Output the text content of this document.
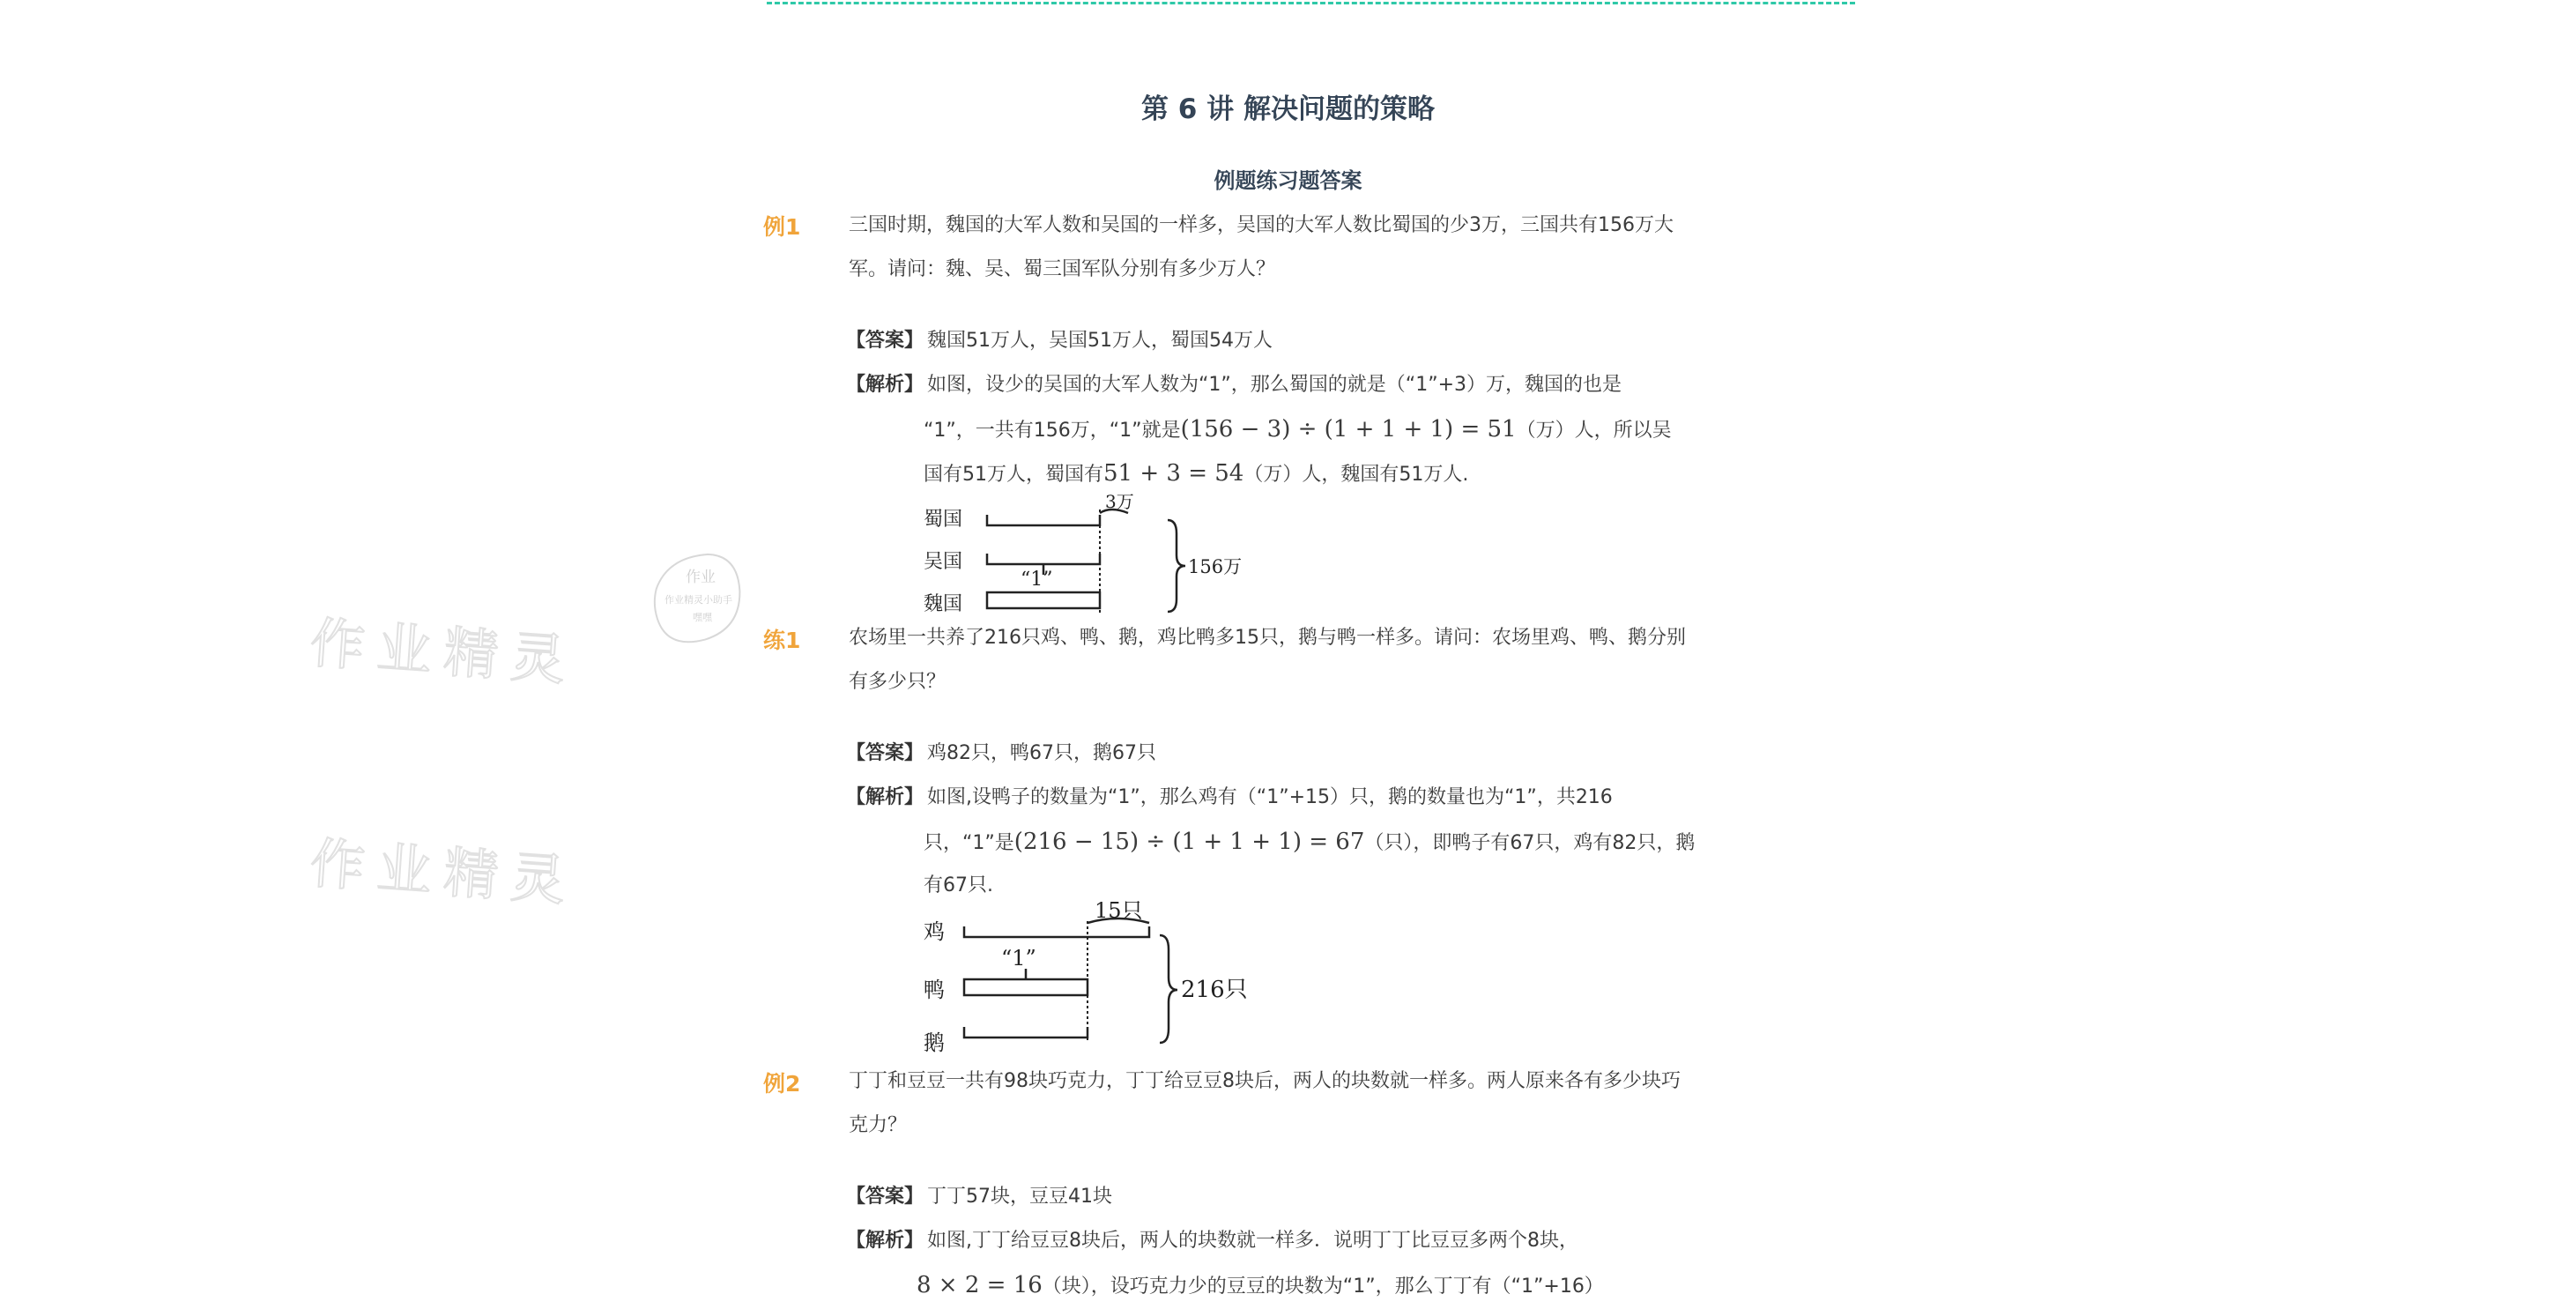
第 6 讲 解决问题的策略
例题练习题答案
作业精灵
作业精灵
作业
作业精灵小助手
嘿嘿
例1 三国时期，魏国的大军人数和吴国的一样多，吴国的大军人数比蜀国的少3万，三国共有156万大
军。请问：魏、吴、蜀三国军队分别有多少万人？
【答案】 魏国51万人，吴国51万人，蜀国54万人
【解析】 如图，设少的吴国的大军人数为“1”，那么蜀国的就是（“1”+3）万，魏国的也是
“1”，一共有156万，“1”就是(156 − 3) ÷ (1 + 1 + 1) = 51（万）人，所以吴
国有51万人，蜀国有51 + 3 = 54（万）人，魏国有51万人.
蜀国
吴国
魏国
3万
“1”
156万
练1 农场里一共养了216只鸡、鸭、鹅，鸡比鸭多15只，鹅与鸭一样多。请问：农场里鸡、鸭、鹅分别
有多少只？
【答案】 鸡82只，鸭67只，鹅67只
【解析】 如图,设鸭子的数量为“1”，那么鸡有（“1”+15）只，鹅的数量也为“1”，共216
只，“1”是(216 − 15) ÷ (1 + 1 + 1) = 67（只），即鸭子有67只，鸡有82只，鹅
有67只.
鸡
鸭
鹅
15只
“1”
216只
例2 丁丁和豆豆一共有98块巧克力，丁丁给豆豆8块后，两人的块数就一样多。两人原来各有多少块巧
克力？
【答案】 丁丁57块，豆豆41块
【解析】 如图,丁丁给豆豆8块后，两人的块数就一样多．说明丁丁比豆豆多两个8块，
8 × 2 = 16（块），设巧克力少的豆豆的块数为“1”，那么丁丁有（“1”+16）
